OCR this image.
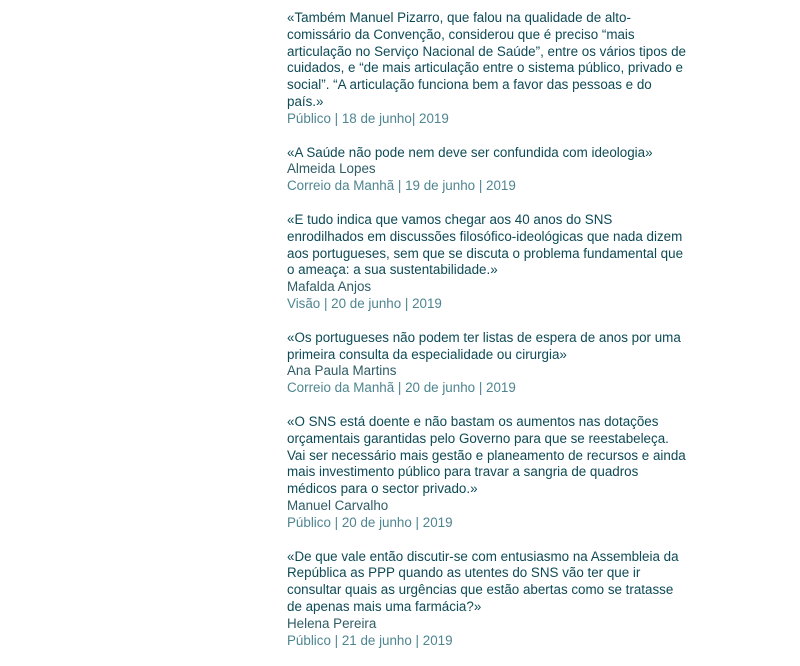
«Também Manuel Pizarro, que falou na qualidade de alto-comissário da Convenção, considerou que é preciso “mais articulação no Serviço Nacional de Saúde”, entre os vários tipos de cuidados, e “de mais articulação entre o sistema público, privado e social”. “A articulação funciona bem a favor das pessoas e do país.»

Público | 18 de junho| 2019

«A Saúde não pode nem deve ser confundida com ideologia»

Almeida Lopes

Correio da Manhã | 19 de junho | 2019

«E tudo indica que vamos chegar aos 40 anos do SNS enrodilhados em discussões filosófico-ideológicas que nada dizem aos portugueses, sem que se discuta o problema fundamental que o ameaça: a sua sustentabilidade.»

Mafalda Anjos

Visão | 20 de junho | 2019

«Os portugueses não podem ter listas de espera de anos por uma primeira consulta da especialidade ou cirurgia»

Ana Paula Martins

Correio da Manhã | 20 de junho | 2019

«O SNS está doente e não bastam os aumentos nas dotações orçamentais garantidas pelo Governo para que se reestabeleça. Vai ser necessário mais gestão e planeamento de recursos e ainda mais investimento público para travar a sangria de quadros médicos para o sector privado.»

Manuel Carvalho

Público | 20 de junho | 2019

«De que vale então discutir-se com entusiasmo na Assembleia da República as PPP quando as utentes do SNS vão ter que ir consultar quais as urgências que estão abertas como se tratasse de apenas mais uma farmácia?»

Helena Pereira

Público | 21 de junho | 2019
